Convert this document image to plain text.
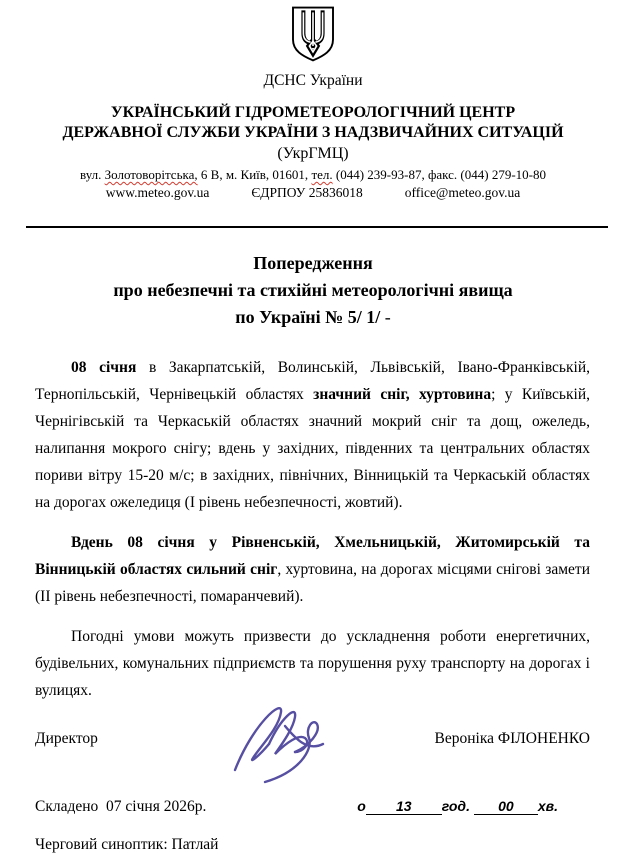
ДСНС України
УКРАЇНСЬКИЙ ГІДРОМЕТЕОРОЛОГІЧНИЙ ЦЕНТР
ДЕРЖАВНОЇ СЛУЖБИ УКРАЇНИ З НАДЗВИЧАЙНИХ СИТУАЦІЙ
(УкрГМЦ)
вул. Золотоворітська, 6 В, м. Київ, 01601, тел. (044) 239-93-87, факс. (044) 279-10-80
www.meteo.gov.ua	ЄДРПОУ 25836018	office@meteo.gov.ua
Попередження
про небезпечні та стихійні метеорологічні явища
по Україні № 5/ 1/ -

08 січня в Закарпатській, Волинській, Львівській, Івано-Франківській, Тернопільській, Чернівецькій областях значний сніг, хуртовина; у Київській, Чернігівській та Черкаській областях значний мокрий сніг та дощ, ожеледь, налипання мокрого снігу; вдень у західних, південних та центральних областях пориви вітру 15-20 м/с; в західних, північних, Вінницькій та Черкаській областях на дорогах ожеледиця (І рівень небезпечності, жовтий).

Вдень 08 січня у Рівненській, Хмельницькій, Житомирській та Вінницькій областях сильний сніг, хуртовина, на дорогах місцями снігові замети (ІІ рівень небезпечності, помаранчевий).

Погодні умови можуть призвести до ускладнення роботи енергетичних, будівельних, комунальних підприємств та порушення руху транспорту на дорогах і вулицях.

Директор	Вероніка ФІЛОНЕНКО
Складено  07 січня 2026р.	о 13 год. 00 хв.
Черговий синоптик: Патлай
